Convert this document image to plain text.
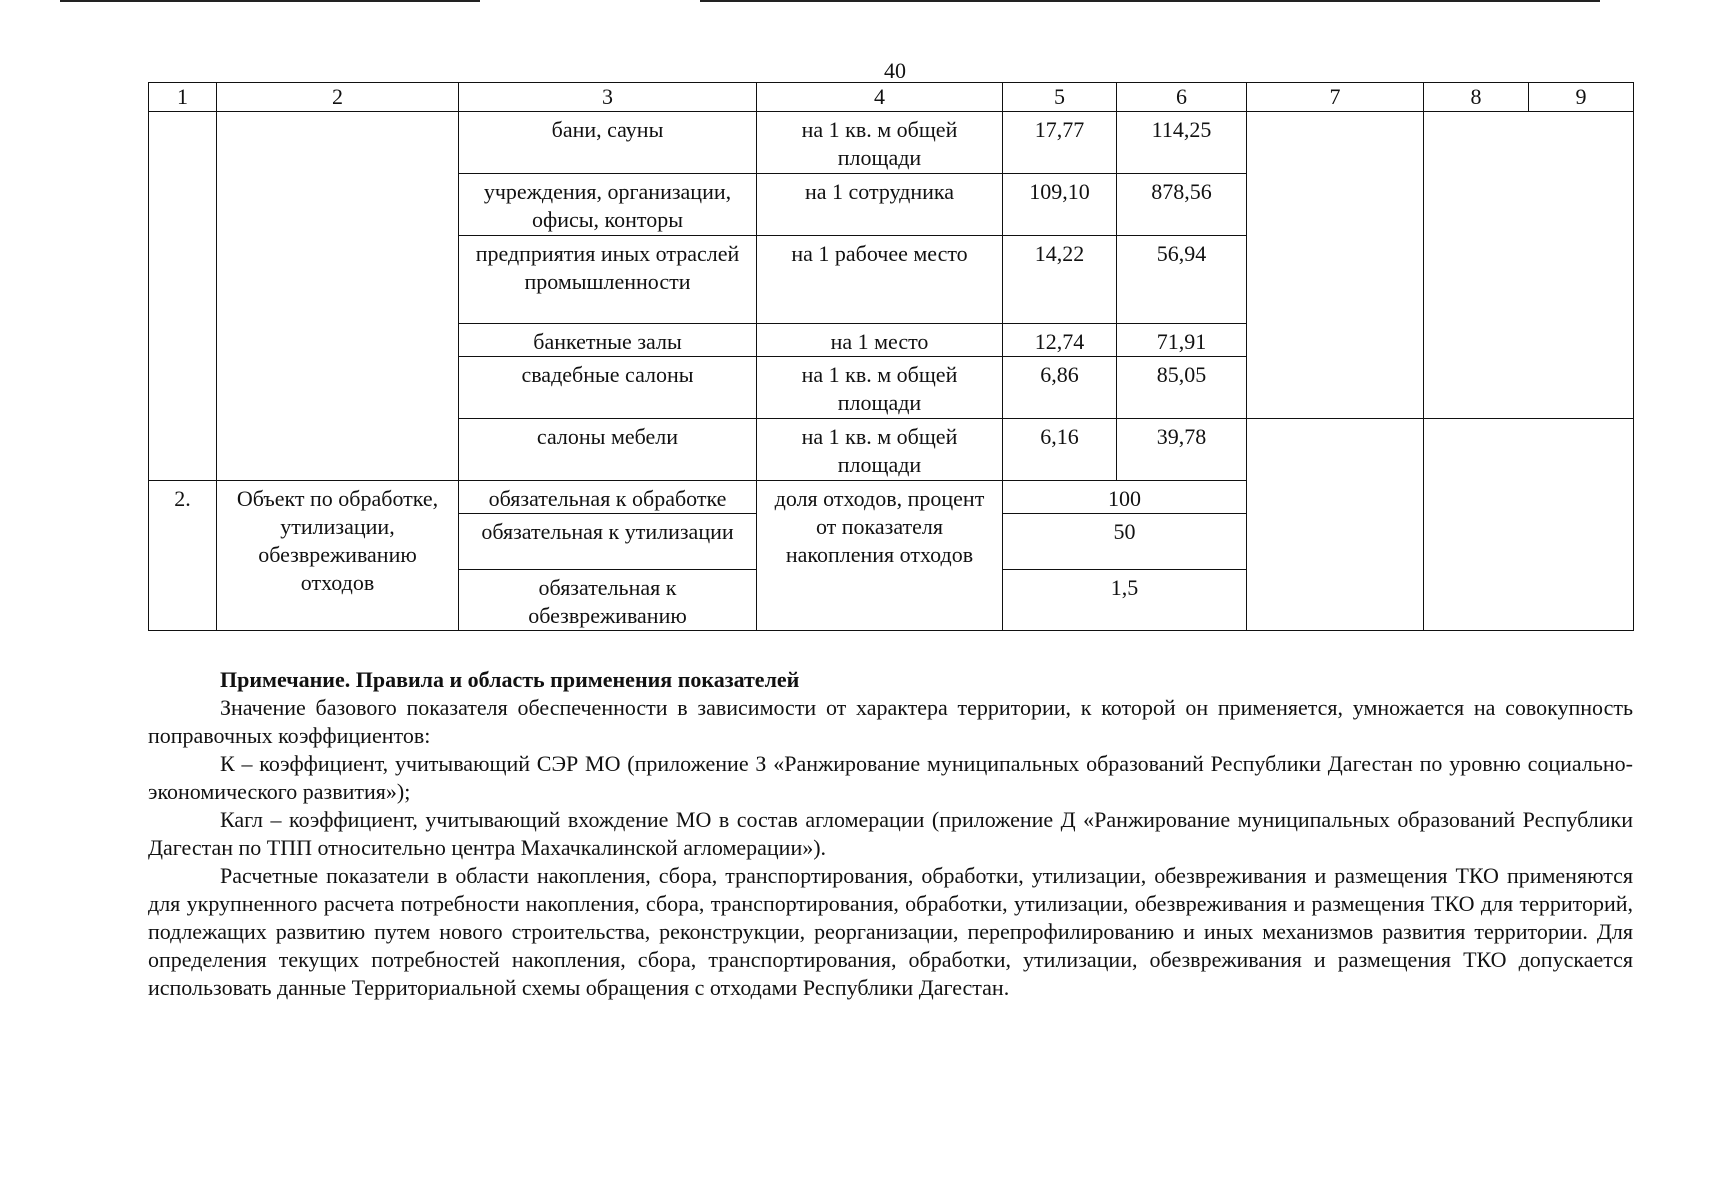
40
1	2	3	4	5	6	7	8	9
		бани, сауны	на 1 кв. м общей площади	17,77	114,25			
		учреждения, организации, офисы, конторы	на 1 сотрудника	109,10	878,56			
		предприятия иных отраслей промышленности	на 1 рабочее место	14,22	56,94			
		банкетные залы	на 1 место	12,74	71,91			
		свадебные салоны	на 1 кв. м общей площади	6,86	85,05			
		салоны мебели	на 1 кв. м общей площади	6,16	39,78			
2.	Объект по обработке, утилизации, обезвреживанию отходов	обязательная к обработке	доля отходов, процент от показателя накопления отходов	100				
		обязательная к утилизации		50				
		обязательная к обезвреживанию		1,5				

Примечание. Правила и область применения показателей

Значение базового показателя обеспеченности в зависимости от характера территории, к которой он применяется, умножается на совокупность поправочных коэффициентов:

К – коэффициент, учитывающий СЭР МО (приложение З «Ранжирование муниципальных образований Республики Дагестан по уровню социально-экономического развития»);

Кагл – коэффициент, учитывающий вхождение МО в состав агломерации (приложение Д «Ранжирование муниципальных образований Республики Дагестан по ТПП относительно центра Махачкалинской агломерации»).

Расчетные показатели в области накопления, сбора, транспортирования, обработки, утилизации, обезвреживания и размещения ТКО применяются для укрупненного расчета потребности накопления, сбора, транспортирования, обработки, утилизации, обезвреживания и размещения ТКО для территорий, подлежащих развитию путем нового строительства, реконструкции, реорганизации, перепрофилированию и иных механизмов развития территории. Для определения текущих потребностей накопления, сбора, транспортирования, обработки, утилизации, обезвреживания и размещения ТКО допускается использовать данные Территориальной схемы обращения с отходами Республики Дагестан.
